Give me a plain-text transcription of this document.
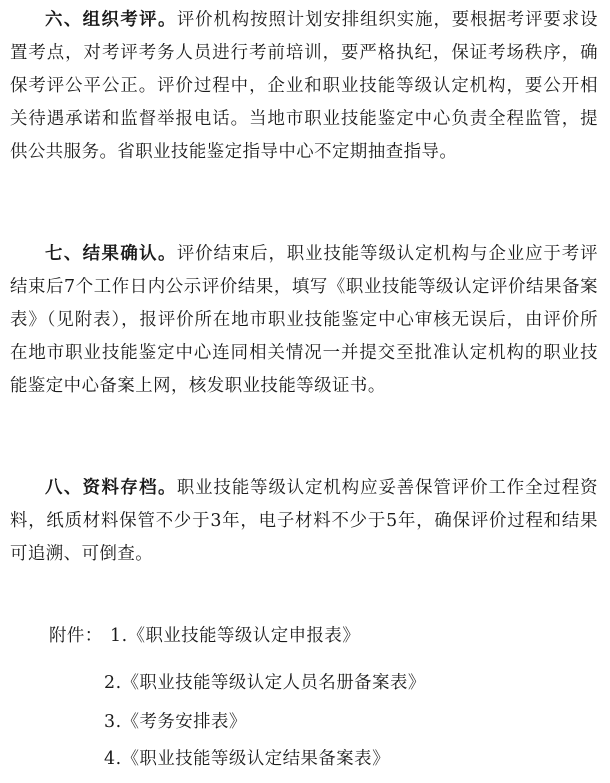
六、组织考评。评价机构按照计划安排组织实施，要根据考评要求设置考点，对考评考务人员进行考前培训，要严格执纪，保证考场秩序，确保考评公平公正。评价过程中，企业和职业技能等级认定机构，要公开相关待遇承诺和监督举报电话。当地市职业技能鉴定中心负责全程监管，提供公共服务。省职业技能鉴定指导中心不定期抽查指导。
七、结果确认。评价结束后，职业技能等级认定机构与企业应于考评结束后7个工作日内公示评价结果，填写《职业技能等级认定评价结果备案表》（见附表），报评价所在地市职业技能鉴定中心审核无误后，由评价所在地市职业技能鉴定中心连同相关情况一并提交至批准认定机构的职业技能鉴定中心备案上网，核发职业技能等级证书。
八、资料存档。职业技能等级认定机构应妥善保管评价工作全过程资料，纸质材料保管不少于3年，电子材料不少于5年，确保评价过程和结果可追溯、可倒查。
附件： 1.《职业技能等级认定申报表》
2.《职业技能等级认定人员名册备案表》
3.《考务安排表》
4.《职业技能等级认定结果备案表》
